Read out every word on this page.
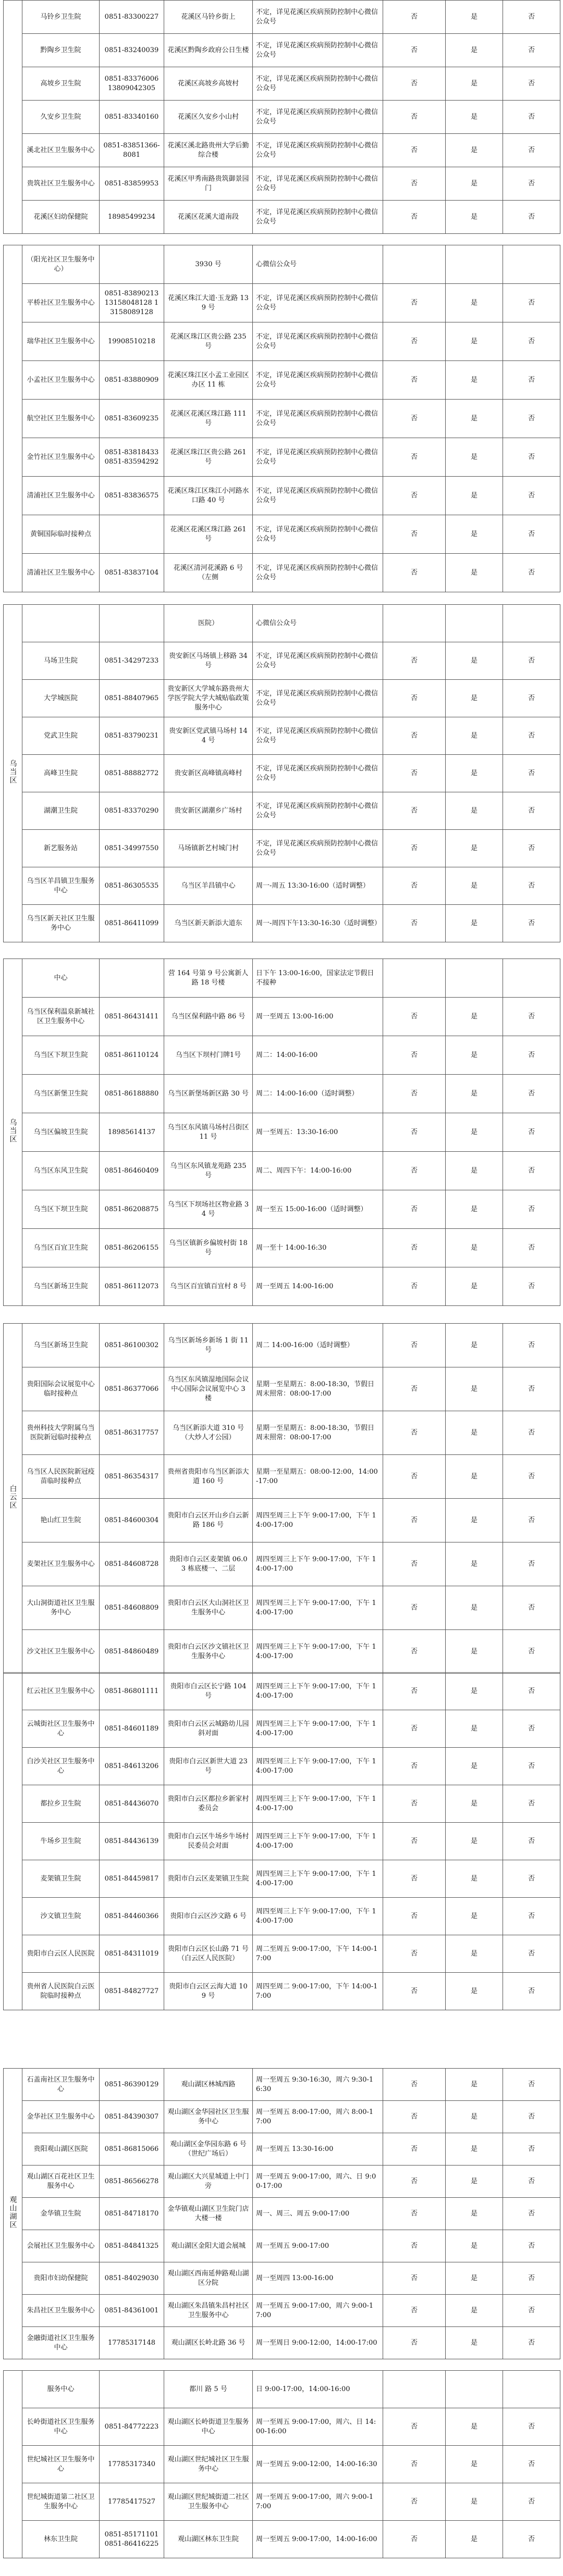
	马铃乡卫生院	0851-83300227	花溪区马铃乡街上	不定，详见花溪区疾病预防控制中心微信公众号	否	是	否
	黔陶乡卫生院	0851-83240039	花溪区黔陶乡政府公日生楼	不定，详见花溪区疾病预防控制中心微信公众号	否	是	否
	高坡乡卫生院	0851-83376006 13809042305	花溪区高坡乡高坡村	不定，详见花溪区疾病预防控制中心微信公众号	否	是	否
	久安乡卫生院	0851-83340160	花溪区久安乡小山村	不定，详见花溪区疾病预防控制中心微信公众号	否	是	否
	溪北社区卫生服务中心	0851-83851366-8081	花溪区溪北路贵州大学后勤综合楼	不定，详见花溪区疾病预防控制中心微信公众号	否	是	否
	贵筑社区卫生服务中心	0851-83859953	花溪区甲秀南路贵筑御景园门	不定，详见花溪区疾病预防控制中心微信公众号	否	是	否
	花溪区妇幼保健院	18985499234	花溪区花溪大道南段	不定，详见花溪区疾病预防控制中心微信公众号	否	是	否
	（阳光社区卫生服务中心）		3930 号	心微信公众号			
	平桥社区卫生服务中心	0851-83890213 13158048128 13158089128	花溪区珠江大道·玉龙路 139 号	不定，详见花溪区疾病预防控制中心微信公众号	否	是	否
	瑞华社区卫生服务中心	19908510218	花溪区珠江区贵公路 235 号	不定，详见花溪区疾病预防控制中心微信公众号	否	是	否
	小孟社区卫生服务中心	0851-83880909	花溪区珠江区小孟工业园区办区 11 栋	不定，详见花溪区疾病预防控制中心微信公众号	否	是	否
	航空社区卫生服务中心	0851-83609235	花溪区花溪区珠江路 111 号	不定，详见花溪区疾病预防控制中心微信公众号	否	是	否
	金竹社区卫生服务中心	0851-83818433 0851-83594292	花溪区珠江区贵公路 261 号	不定，详见花溪区疾病预防控制中心微信公众号	否	是	否
	清浦社区卫生服务中心	0851-83836575	花溪区珠江区珠江小河路水口路 40 号	不定，详见花溪区疾病预防控制中心微信公众号	否	是	否
	黄铜国际临时接种点		花溪区花溪区珠江路 261 号	不定，详见花溪区疾病预防控制中心微信公众号	否	是	否
	清浦社区卫生服务中心	0851-83837104	花溪区清河花溪路 6 号（左侧	不定，详见花溪区疾病预防控制中心微信公众号	否	是	否
乌当区			医院）	心微信公众号			
	马场卫生院	0851-34297233	贵安新区马场镇上移路 34 号	不定，详见花溪区疾病预防控制中心微信公众号	否	是	否
	大学城医院	0851-88407965	贵安新区大学城东路贵州大学医学院大学大城贴临政策服务中心	不定，详见花溪区疾病预防控制中心微信公众号	否	是	否
	党武卫生院	0851-83790231	贵安新区党武镇马场村 144 号	不定，详见花溪区疾病预防控制中心微信公众号	否	是	否
	高峰卫生院	0851-88882772	贵安新区高峰镇高峰村	不定，详见花溪区疾病预防控制中心微信公众号	否	是	否
	湖潮卫生院	0851-83370290	贵安新区湖潮乡广场村	不定，详见花溪区疾病预防控制中心微信公众号	否	是	否
	新艺服务站	0851-34997550	马场镇新艺村城门村	不定，详见花溪区疾病预防控制中心微信公众号	否	是	否
	乌当区羊昌镇卫生服务中心	0851-86305535	乌当区羊昌镇中心	周一-周五 13:30-16:00（适时调整）	否	是	否
	乌当区新天社区卫生服务中心	0851-86411099	乌当区新天新添大道东	周一-周四下午13:30-16:30（适时调整）	否	是	否
乌当区	中心		营 164 号第 9 号公寓新人路 18 号楼	日下午 13:00-16:00，国家法定节假日不接种			
	乌当区保利温泉新城社区卫生服务中心	0851-86431411	乌当区保利路中路 86 号	周一至周五 13:00-16:00	否	是	否
	乌当区下坝卫生院	0851-86110124	乌当区下坝村门牌1号	周二：14:00-16:00	否	是	否
	乌当区新堡卫生院	0851-86188880	乌当区新堡场新区路 30 号	周二：14:00-16:00（适时调整）	否	是	否
	乌当区偏坡卫生院	18985614137	乌当区东风镇马场村吕街区 11 号	周一至周五：13:30-16:00	否	是	否
	乌当区东风卫生院	0851-86460409	乌当区东风镇龙苑路 235 号	周二、周四下午：14:00-16:00	否	是	否
	乌当区下坝卫生院	0851-86208875	乌当区下坝场社区物业路 34 号	周一至五 15:00-16:00（适时调整）	否	是	否
	乌当区百宜卫生院	0851-86206155	乌当区镇新乡偏坡村街 18 号	周一至十 14:00-16:30	否	是	否
	乌当区新场卫生院	0851-86112073	乌当区百宜镇百宜村 8 号	周一至周五 14:00-16:00	否	是	否
白云区	乌当区新场卫生院	0851-86100302	乌当区新场乡新场 1 街 11 号	周二 14:00-16:00（适时调整）	否	是	否
	贵阳国际会议展览中心临时接种点	0851-86377066	乌当区东风镇湿地国际会议中心国际会议展览中心 3 楼	星期一至星期五：8:00-18:30，节假日周末照常：08:00-17:00	否	是	否
	贵州科技大学附属乌当医院新冠临时接种点	0851-86317757	乌当区新添大道 310 号（大炒人才公园）	星期一至星期五：8:00-18:30，节假日周末照常：08:00-17:00	否	是	否
	乌当区人民医院新冠疫苗临时接种点	0851-86354317	贵州省贵阳市乌当区新添大道 160 号	星期一至星期五：08:00-12:00，14:00-17:00	否	是	否
	艳山红卫生院	0851-84600304	贵阳市白云区开山乡白云新路 186 号	周四至周三上下午 9:00-17:00，下午 14:00-17:00	否	是	否
	麦架社区卫生服务中心	0851-84608728	贵阳市白云区麦架镇 06.03 栋底楼一、二层	周四至周三上下午 9:00-17:00，下午 14:00-17:00	否	是	否
	大山洞街道社区卫生服务中心	0851-84608809	贵阳市白云区大山洞社区卫生服务中心	周四至周三上下午 9:00-17:00，下午 14:00-17:00	否	是	否
	沙文社区卫生服务中心	0851-84860489	贵阳市白云区沙文镇社区卫生服务中心	周四至周三上下午 9:00-17:00，下午 14:00-17:00	否	是	否
	红云社区卫生服务中心	0851-86801111	贵阳市白云区长宁路 104 号	周四至周三上下午 9:00-17:00，下午 14:00-17:00	否	是	否
	云城街社区卫生服务中心	0851-84601189	贵阳市白云区云城路幼儿园斜对面	周四至周三上下午 9:00-17:00，下午 14:00-17:00	否	是	否
	白沙关社区卫生服务中心	0851-84613206	贵阳市白云区新世大道 23 号	周四至周三上下午 9:00-17:00，下午 14:00-17:00	否	是	否
	都拉乡卫生院	0851-84436070	贵阳市白云区都拉乡新家村委员会	周四至周三上下午 9:00-17:00，下午 14:00-17:00	否	是	否
	牛场乡卫生院	0851-84436139	贵阳市白云区牛场乡牛场村民委员会对面	周四至周三上下午 9:00-17:00，下午 14:00-17:00	否	是	否
	麦架镇卫生院	0851-84459817	贵阳市白云区麦架镇卫生院	周四至周三上下午 9:00-17:00，下午 14:00-17:00	否	是	否
	沙文镇卫生院	0851-84460366	贵阳市白云区沙文路 6 号	周四至周三上下午 9:00-17:00，下午 14:00-17:00	否	是	否
	贵阳市白云区人民医院	0851-84311019	贵阳市白云区长山路 71 号（白云区人民医院）	周二至周五 9:00-17:00，下午 14:00-17:00	否	是	否
	贵州省人民医院白云医院临时接种点	0851-84827727	贵阳市白云区云海大道 109 号	周四至周二 9:00-17:00，下午 14:00-17:00	否	是	否
观山湖区	石盖南社区卫生服务中心	0851-86390129	观山湖区林城西路	周一至周五 9:30-16:30，周六 9:30-16:30	否	是	否
	金华社区卫生服务中心	0851-84390307	观山湖区金华园社区卫生服务中心	周一至周五 8:00-17:00，周六 8:00-17:00	否	是	否
	贵阳观山湖区医院	0851-86815066	观山湖区金华园东路 6 号（世纪广场后）	周一至周五 13:30-16:00	否	是	否
	观山湖区百花社区卫生服务中心	0851-86566278	观山湖区大兴星城道上中门旁	周一至周五 9:00-17:00，周六、日 9:00-17:00	否	是	否
	金华镇卫生院	0851-84718170	金华镇观山湖区卫生院门店大楼一楼	周一、周三、周五 9:00-17:00	否	是	否
	会展社区卫生服务中心	0851-84841325	观山湖区金阳大道会展城	周一至周五 9:00-17:00	否	是	否
	贵阳市妇幼保健院	0851-84029030	观山湖区西南延伸路观山湖区分院	周一至周四 13:00-16:00	否	是	否
	朱昌社区卫生服务中心	0851-84361001	观山湖区朱昌镇朱昌村社区卫生服务中心	周一至周五 9:00-17:00，周六 9:00-17:00	否	是	否
	金融街道社区卫生服务中心	17785317148	观山湖区长岭北路 36 号	周一至周日 9:00-12:00，14:00-17:00	否	是	否
	服务中心		都川 路 5 号	日 9:00-17:00，14:00-16:00			
	长岭街道社区卫生服务中心	0851-84772223	观山湖区长岭街道卫生服务中心	周一至周五 9:00-17:00，周六、日 14:00-16:00	否	是	否
	世纪城社区卫生服务中心	17785317340	观山湖区世纪城社区卫生服务中心	周一至周五 9:00-12:00，14:00-16:30	否	是	否
	世纪城街道第二社区卫生服务中心	17785417527	观山湖区世纪城街道二社区卫生服务中心	周一至周五 9:00-17:00，周六 9:00-17:00	否	是	否
	林东卫生院	0851-85171101 0851-86416225	观山湖区林东卫生院	周一至周五 9:00-17:00，14:00-16:00	否	是	否
